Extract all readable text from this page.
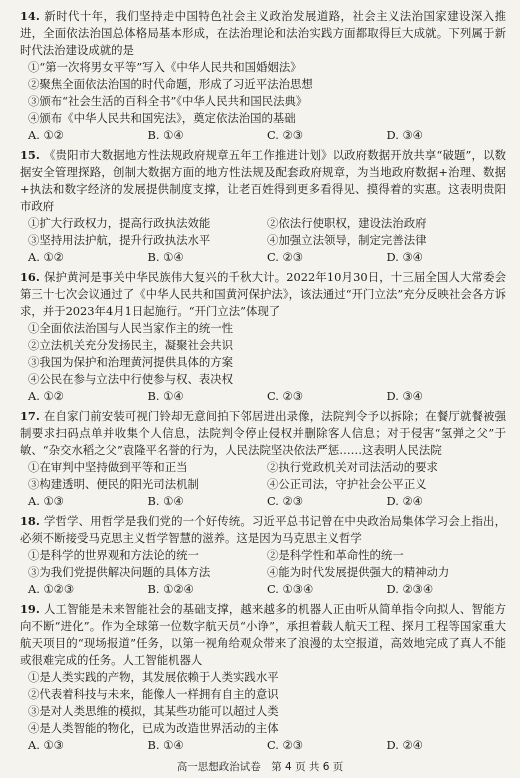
14. 新时代十年，我们坚持走中国特色社会主义政治发展道路，社会主义法治国家建设深入推进，全面依法治国总体格局基本形成，在法治理论和法治实践方面都取得巨大成就。下列属于新时代法治建设成就的是

①“第一次将男女平等”写入《中华人民共和国婚姻法》

②聚焦全面依法治国的时代命题，形成了习近平法治思想

③颁布“社会生活的百科全书”《中华人民共和国民法典》

④颁布《中华人民共和国宪法》，奠定依法治国的基础

A. ①②	B. ①④	C. ②③	D. ③④

15. 《贵阳市大数据地方性法规政府规章五年工作推进计划》以政府数据开放共享“破题”，以数据安全管理探路，创制大数据方面的地方性法规及配套政府规章，为当地政府数据+治理、数据+执法和数字经济的发展提供制度支撑，让老百姓得到更多看得见、摸得着的实惠。这表明贵阳市政府

①扩大行政权力，提高行政执法效能	②依法行使职权，建设法治政府

③坚持用法护航，提升行政执法水平	④加强立法领导，制定完善法律

A. ①②	B. ①④	C. ②③	D. ③④

16. 保护黄河是事关中华民族伟大复兴的千秋大计。2022年10月30日，十三届全国人大常委会第三十七次会议通过了《中华人民共和国黄河保护法》，该法通过“开门立法”充分反映社会各方诉求，并于2023年4月1日起施行。“开门立法”体现了

①全面依法治国与人民当家作主的统一性

②立法机关充分发扬民主，凝聚社会共识

③我国为保护和治理黄河提供具体的方案

④公民在参与立法中行使参与权、表决权

A. ①②	B. ①④	C. ②③	D. ③④

17. 在自家门前安装可视门铃却无意间拍下邻居进出录像，法院判令予以拆除；在餐厅就餐被强制要求扫码点单并收集个人信息，法院判令停止侵权并删除客人信息；对于侵害“氢弹之父”于敏、“杂交水稻之父”袁隆平名誉的行为，人民法院坚决依法严惩……这表明人民法院

①在审判中坚持做到平等和正当	②执行党政机关对司法活动的要求

③构建透明、便民的阳光司法机制	④公正司法，守护社会公平正义

A. ①③	B. ①④	C. ②③	D. ②④

18. 学哲学、用哲学是我们党的一个好传统。习近平总书记曾在中央政治局集体学习会上指出，必须不断接受马克思主义哲学智慧的滋养。这是因为马克思主义哲学

①是科学的世界观和方法论的统一	②是科学性和革命性的统一

③为我们党提供解决问题的具体方法	④能为时代发展提供强大的精神动力

A. ①②③	B. ①②④	C. ①③④	D. ②③④

19. 人工智能是未来智能社会的基础支撑，越来越多的机器人正由听从简单指令向拟人、智能方向不断“进化”。作为全球第一位数字航天员“小诤”，承担着载人航天工程、探月工程等国家重大航天项目的“现场报道”任务，以第一视角给观众带来了浪漫的太空报道，高效地完成了真人不能或很难完成的任务。人工智能机器人

①是人类实践的产物，其发展依赖于人类实践水平

②代表着科技与未来，能像人一样拥有自主的意识

③是对人类思维的模拟，其某些功能可以超过人类

④是人类智能的物化，已成为改造世界活动的主体

A. ①③	B. ①④	C. ②③	D. ②④
高一思想政治试卷　第 4 页 共 6 页
